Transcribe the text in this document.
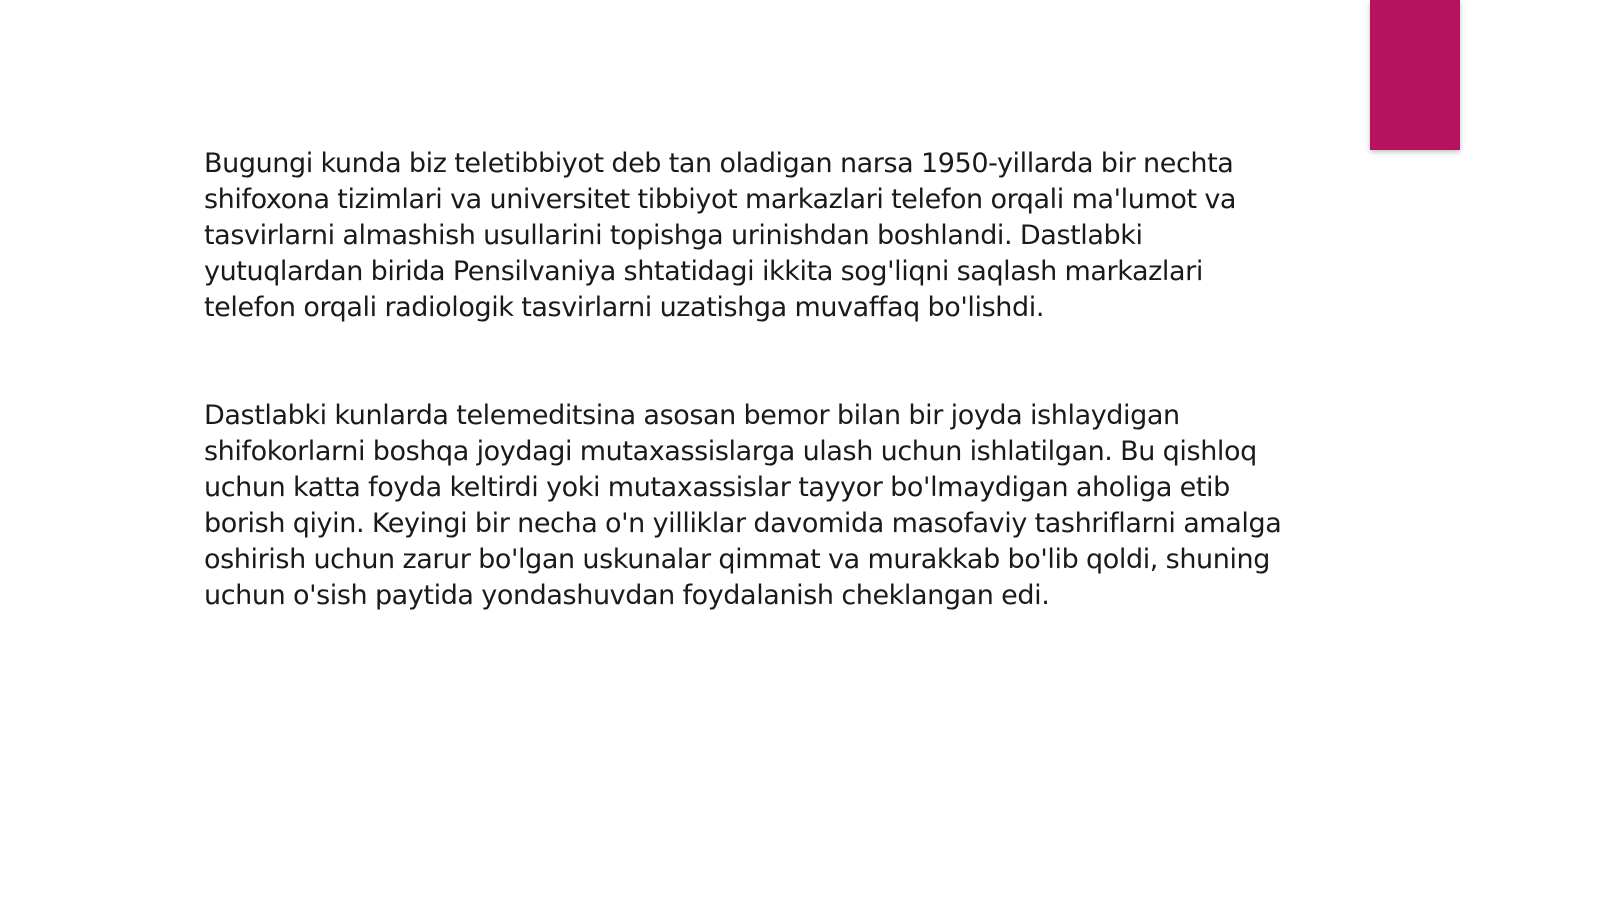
Bugungi kunda biz teletibbiyot deb tan oladigan narsa 1950-yillarda bir nechta
shifoxona tizimlari va universitet tibbiyot markazlari telefon orqali ma'lumot va
tasvirlarni almashish usullarini topishga urinishdan boshlandi. Dastlabki
yutuqlardan birida Pensilvaniya shtatidagi ikkita sog'liqni saqlash markazlari
telefon orqali radiologik tasvirlarni uzatishga muvaffaq bo'lishdi.

Dastlabki kunlarda telemeditsina asosan bemor bilan bir joyda ishlaydigan
shifokorlarni boshqa joydagi mutaxassislarga ulash uchun ishlatilgan. Bu qishloq
uchun katta foyda keltirdi yoki mutaxassislar tayyor bo'lmaydigan aholiga etib
borish qiyin. Keyingi bir necha o'n yilliklar davomida masofaviy tashriflarni amalga
oshirish uchun zarur bo'lgan uskunalar qimmat va murakkab bo'lib qoldi, shuning
uchun o'sish paytida yondashuvdan foydalanish cheklangan edi.
